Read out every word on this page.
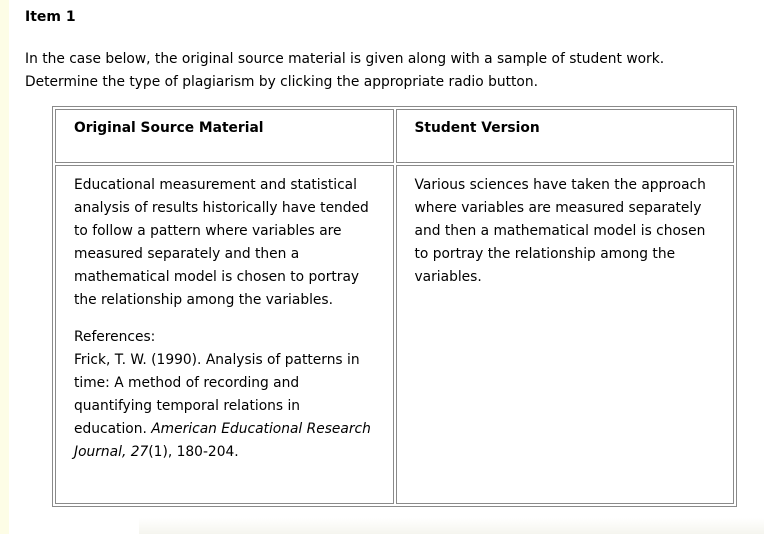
Item 1

In the case below, the original source material is given along with a sample of student work.
Determine the type of plagiarism by clicking the appropriate radio button.

Original Source Material	Student Version

Educational measurement and statistical analysis of results historically have tended to follow a pattern where variables are measured separately and then a mathematical model is chosen to portray the relationship among the variables.

References:

Frick, T. W. (1990). Analysis of patterns in time: A method of recording and quantifying temporal relations in education. American Educational Research Journal, 27(1), 180-204.	Various sciences have taken the approach where variables are measured separately and then a mathematical model is chosen to portray the relationship among the variables.
